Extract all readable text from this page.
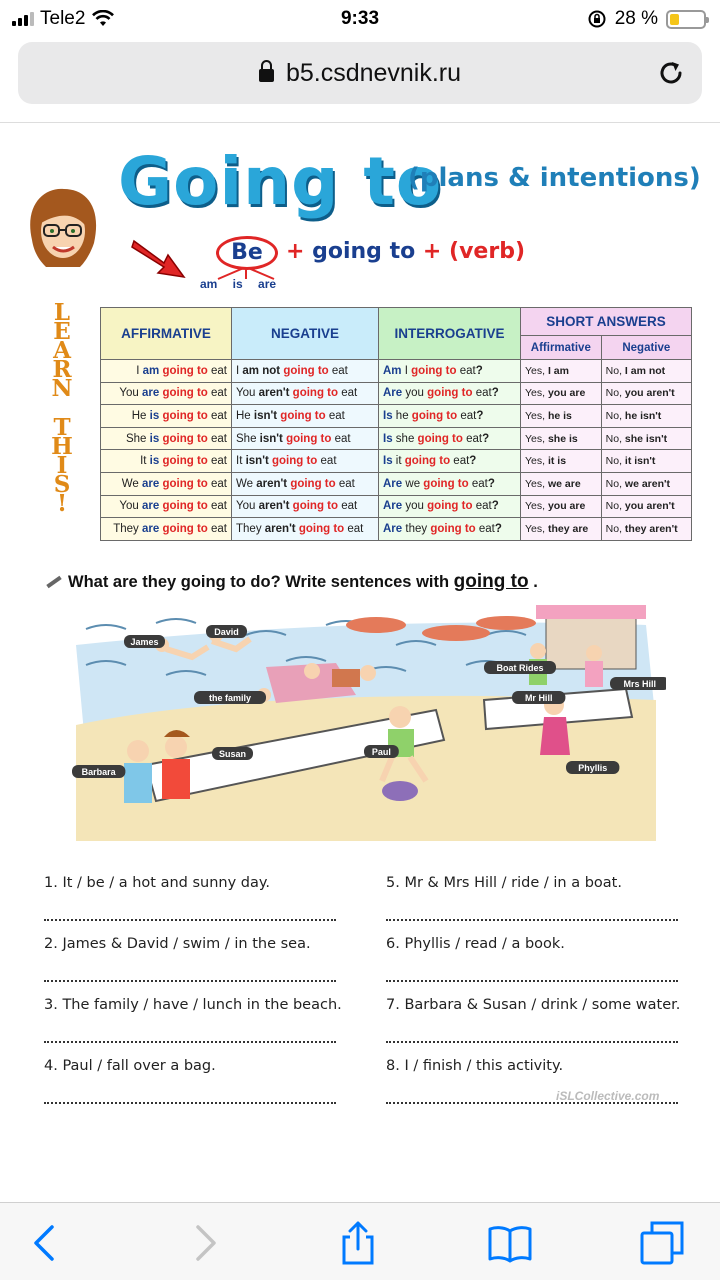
Tele2	9:33	28 %
b5.csdnevnik.ru
Going to
(plans & intentions)
Be	+ going to + (verb)
am is are
L
E
A
R
N
T
H
I
S
!
AFFIRMATIVE	NEGATIVE	INTERROGATIVE	SHORT ANSWERS	
			Affirmative	Negative
I am going to eat	I am not going to eat	Am I going to eat?	Yes, I am	No, I am not
You are going to eat	You aren't going to eat	Are you going to eat?	Yes, you are	No, you aren't
He is going to eat	He isn't going to eat	Is he going to eat?	Yes, he is	No, he isn't
She is going to eat	She isn't going to eat	Is she going to eat?	Yes, she is	No, she isn't
It is going to eat	It isn't going to eat	Is it going to eat?	Yes, it is	No, it isn't
We are going to eat	We aren't going to eat	Are we going to eat?	Yes, we are	No, we aren't
You are going to eat	You aren't going to eat	Are you going to eat?	Yes, you are	No, you aren't
They are going to eat	They aren't going to eat	Are they going to eat?	Yes, they are	No, they aren't
What are they going to do? Write sentences with going to .
David
James
the family
Susan
Barbara
Paul
Boat Rides
Mr Hill
Mrs Hill
Phyllis
1. It / be / a hot and sunny day.
2. James & David / swim / in the sea.
3. The family / have / lunch in the beach.
4. Paul / fall over a bag.
5. Mr & Mrs Hill / ride / in a boat.
6. Phyllis / read / a book.
7. Barbara & Susan / drink / some water.
8. I / finish / this activity.
iSLCollective.com
